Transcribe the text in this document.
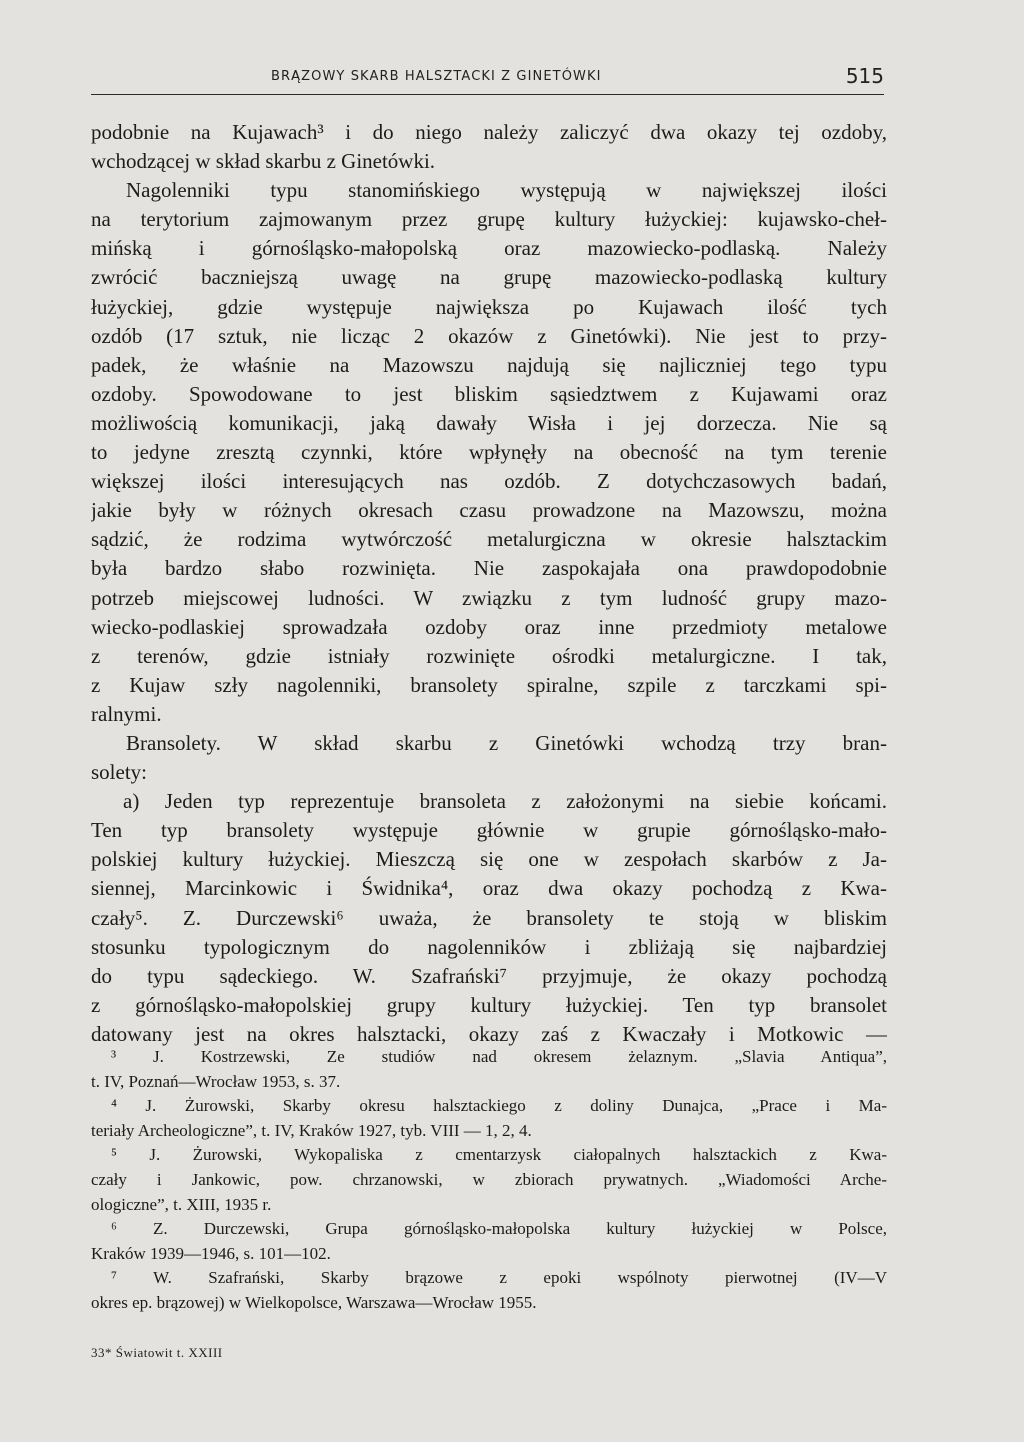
BRĄZOWY SKARB HALSZTACKI Z GINETÓWKI	515
podobnie na Kujawach³ i do niego należy zaliczyć dwa okazy tej ozdoby,
wchodzącej w skład skarbu z Ginetówki.
Nagolenniki typu stanomińskiego występują w największej ilości
na terytorium zajmowanym przez grupę kultury łużyckiej: kujawsko-cheł-
mińską i górnośląsko-małopolską oraz mazowiecko-podlaską. Należy
zwrócić baczniejszą uwagę na grupę mazowiecko-podlaską kultury
łużyckiej, gdzie występuje największa po Kujawach ilość tych
ozdób (17 sztuk, nie licząc 2 okazów z Ginetówki). Nie jest to przy-
padek, że właśnie na Mazowszu najdują się najliczniej tego typu
ozdoby. Spowodowane to jest bliskim sąsiedztwem z Kujawami oraz
możliwością komunikacji, jaką dawały Wisła i jej dorzecza. Nie są
to jedyne zresztą czynnki, które wpłynęły na obecność na tym terenie
większej ilości interesujących nas ozdób. Z dotychczasowych badań,
jakie były w różnych okresach czasu prowadzone na Mazowszu, można
sądzić, że rodzima wytwórczość metalurgiczna w okresie halsztackim
była bardzo słabo rozwinięta. Nie zaspokajała ona prawdopodobnie
potrzeb miejscowej ludności. W związku z tym ludność grupy mazo-
wiecko-podlaskiej sprowadzała ozdoby oraz inne przedmioty metalowe
z terenów, gdzie istniały rozwinięte ośrodki metalurgiczne. I tak,
z Kujaw szły nagolenniki, bransolety spiralne, szpile z tarczkami spi-
ralnymi.
Bransolety. W skład skarbu z Ginetówki wchodzą trzy bran-
solety:
a) Jeden typ reprezentuje bransoleta z założonymi na siebie końcami.
Ten typ bransolety występuje głównie w grupie górnośląsko-mało-
polskiej kultury łużyckiej. Mieszczą się one w zespołach skarbów z Ja-
siennej, Marcinkowic i Świdnika⁴, oraz dwa okazy pochodzą z Kwa-
czały⁵. Z. Durczewski⁶ uważa, że bransolety te stoją w bliskim
stosunku typologicznym do nagolenników i zbliżają się najbardziej
do typu sądeckiego. W. Szafrański⁷ przyjmuje, że okazy pochodzą
z górnośląsko-małopolskiej grupy kultury łużyckiej. Ten typ bransolet
datowany jest na okres halsztacki, okazy zaś z Kwaczały i Motkowic —
³ J. Kostrzewski, Ze studiów nad okresem żelaznym. „Slavia Antiqua”,
t. IV, Poznań—Wrocław 1953, s. 37.
⁴ J. Żurowski, Skarby okresu halsztackiego z doliny Dunajca, „Prace i Ma-
teriały Archeologiczne”, t. IV, Kraków 1927, tyb. VIII — 1, 2, 4.
⁵ J. Żurowski, Wykopaliska z cmentarzysk ciałopalnych halsztackich z Kwa-
czały i Jankowic, pow. chrzanowski, w zbiorach prywatnych. „Wiadomości Arche-
ologiczne”, t. XIII, 1935 r.
⁶ Z. Durczewski, Grupa górnośląsko-małopolska kultury łużyckiej w Polsce,
Kraków 1939—1946, s. 101—102.
⁷ W. Szafrański, Skarby brązowe z epoki wspólnoty pierwotnej (IV—V
okres ep. brązowej) w Wielkopolsce, Warszawa—Wrocław 1955.
33* Światowit t. XXIII
